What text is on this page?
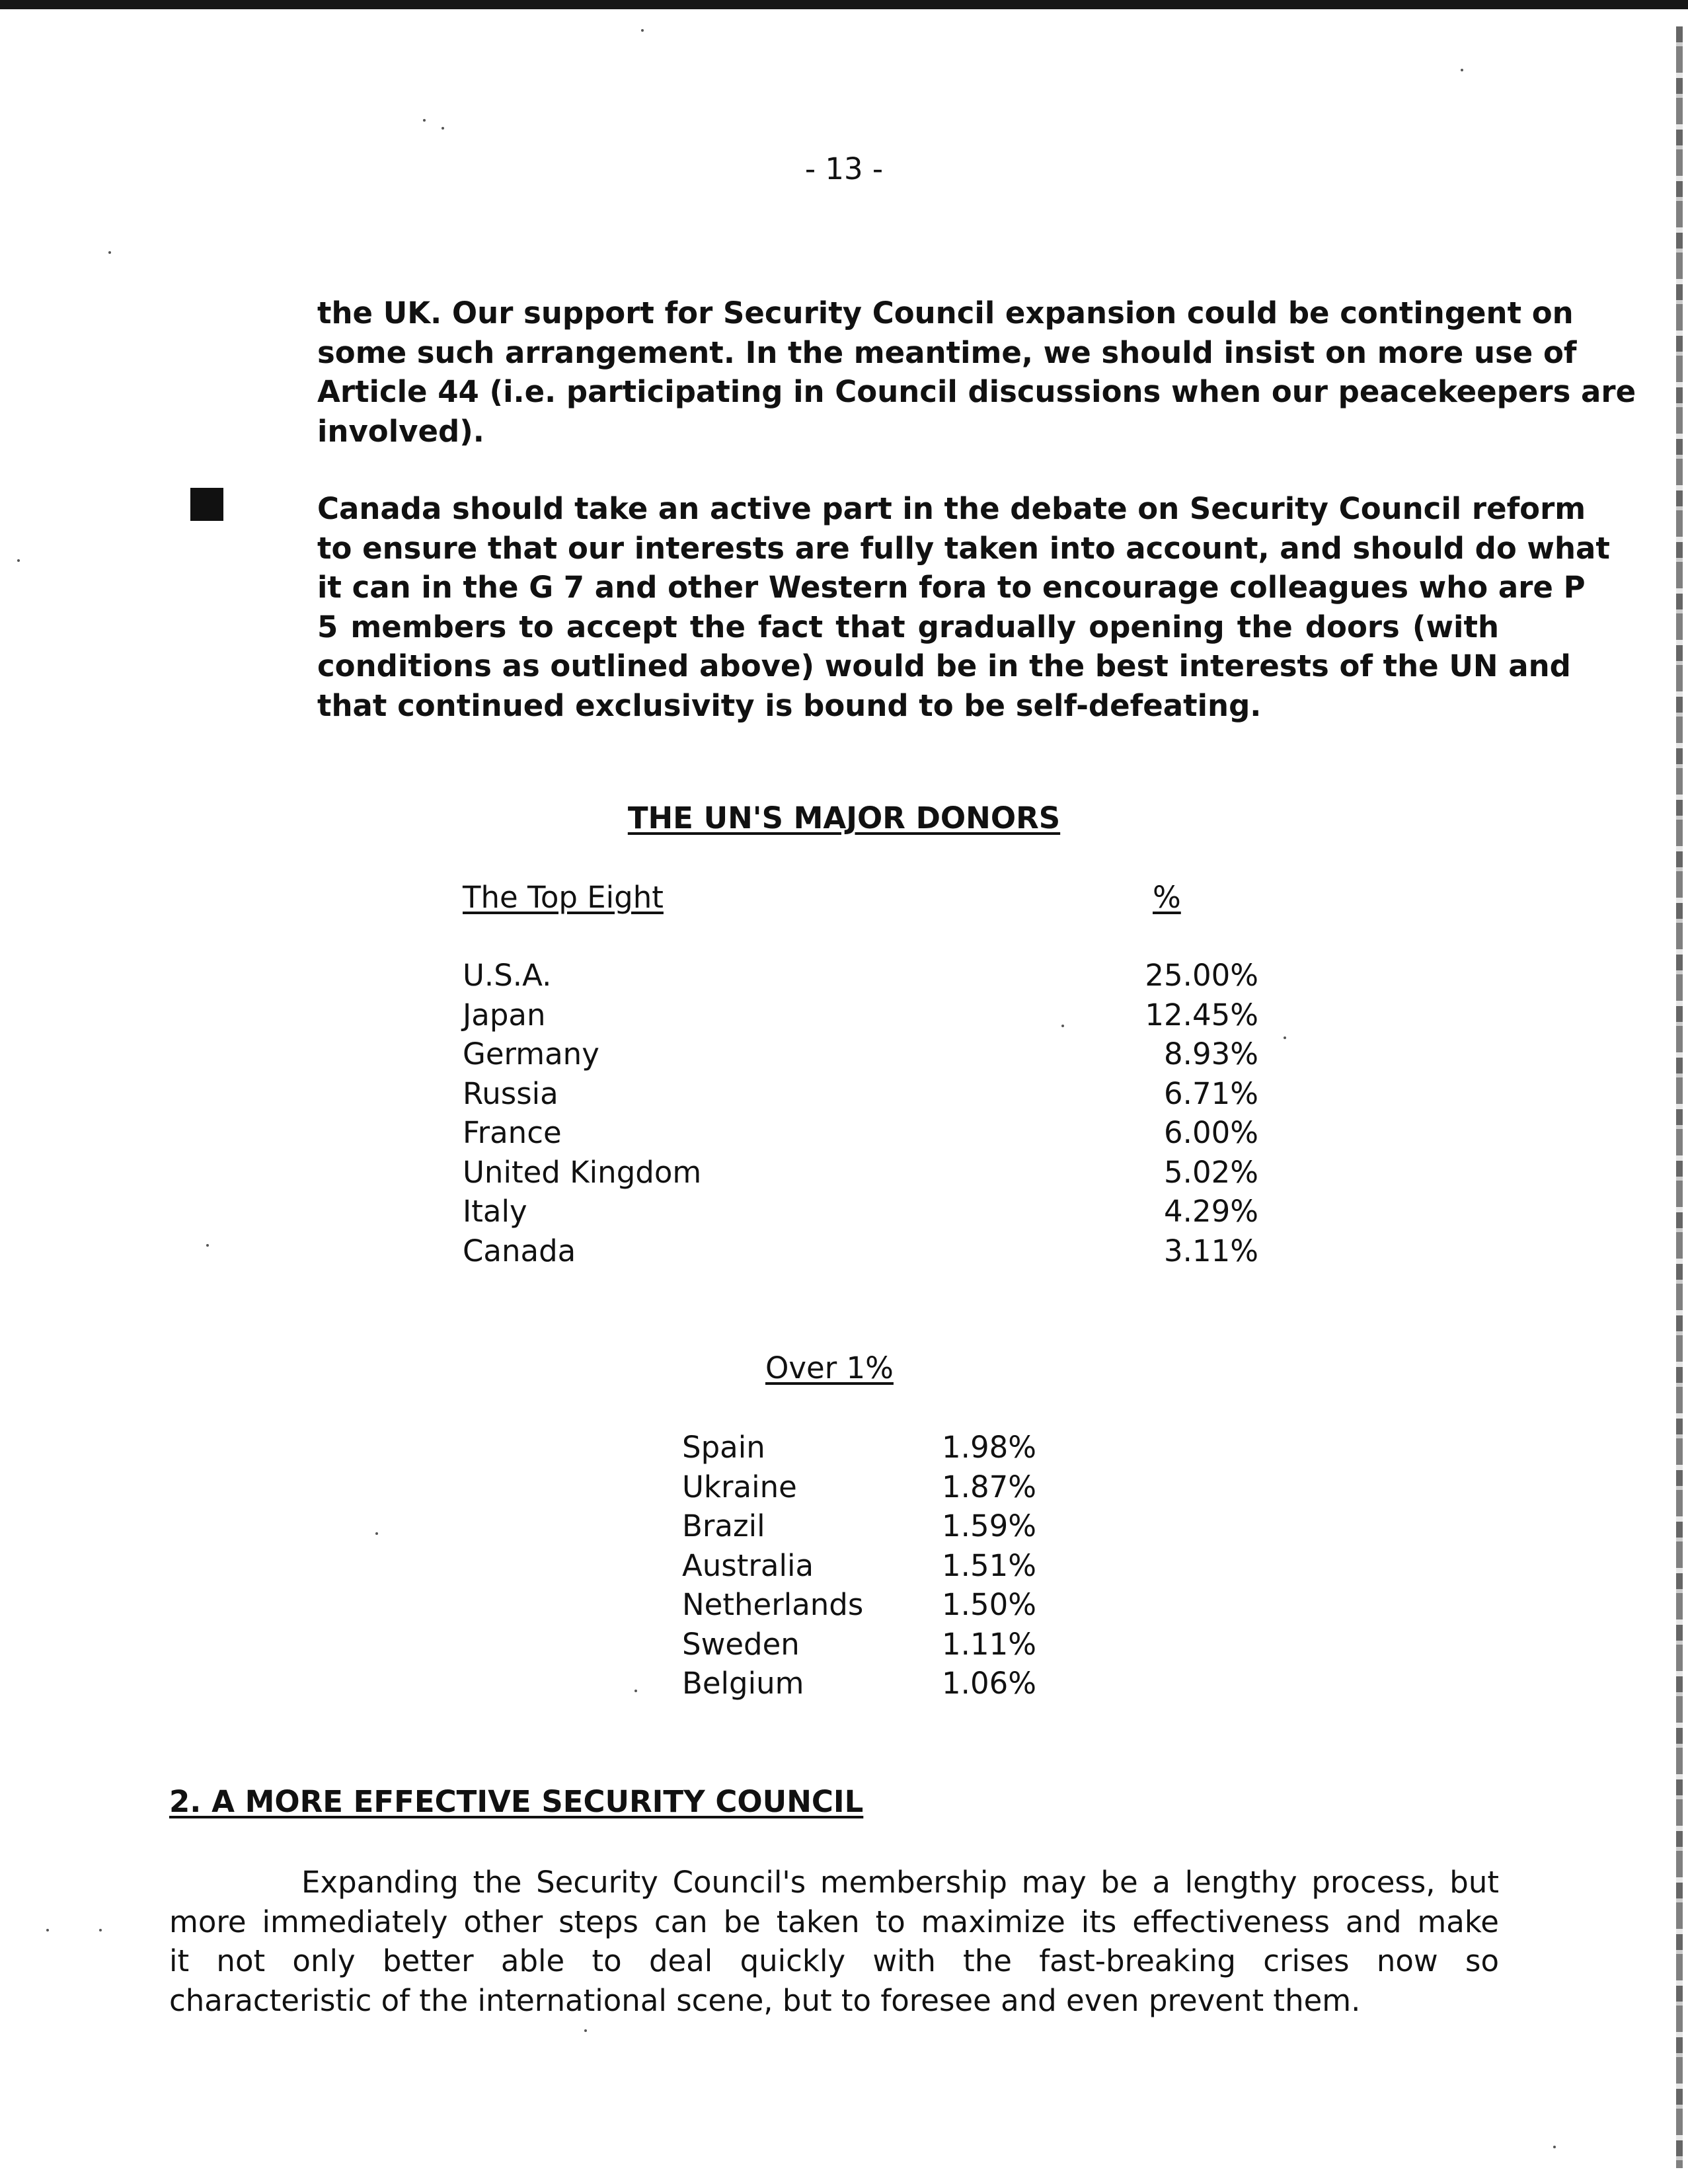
- 13 -
the UK. Our support for Security Council expansion could be contingent on
some such arrangement. In the meantime, we should insist on more use of
Article 44 (i.e. participating in Council discussions when our peacekeepers are
involved).
Canada should take an active part in the debate on Security Council reform
to ensure that our interests are fully taken into account, and should do what
it can in the G 7 and other Western fora to encourage colleagues who are P
5 members to accept the fact that gradually opening the doors (with
conditions as outlined above) would be in the best interests of the UN and
that continued exclusivity is bound to be self-defeating.
THE UN'S MAJOR DONORS
The Top Eight	%
U.S.A.	25.00%
Japan	12.45%
Germany	8.93%
Russia	6.71%
France	6.00%
United Kingdom	5.02%
Italy	4.29%
Canada	3.11%
Over 1%
Spain	1.98%
Ukraine	1.87%
Brazil	1.59%
Australia	1.51%
Netherlands	1.50%
Sweden	1.11%
Belgium	1.06%
2. A MORE EFFECTIVE SECURITY COUNCIL
Expanding the Security Council's membership may be a lengthy process, but
more immediately other steps can be taken to maximize its effectiveness and make
it not only better able to deal quickly with the fast-breaking crises now so
characteristic of the international scene, but to foresee and even prevent them.
